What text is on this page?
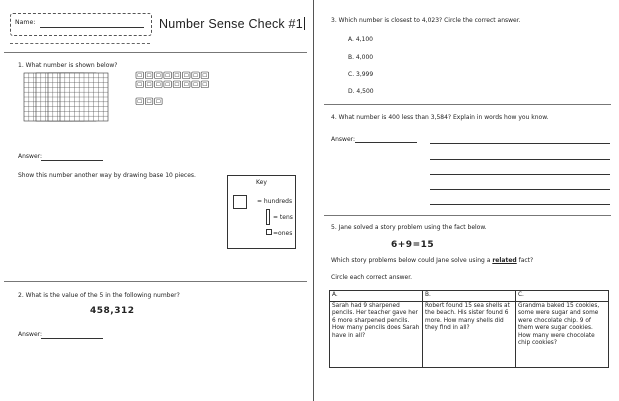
Name:	Number Sense Check #1
1. What number is shown below?
Answer:
Show this number another way by drawing base 10 pieces.
Key
= hundreds
= tens
=ones
2. What is the value of the 5 in the following number?
458,312
Answer:
3. Which number is closest to 4,023? Circle the correct answer.
A. 4,100
B. 4,000
C. 3,999
D. 4,500
4. What number is 400 less than 3,584? Explain in words how you know.
Answer:
5. Jane solved a story problem using the fact below.
6+9=15
Which story problems below could Jane solve using a related fact?
Circle each correct answer.
A.	B.	C.
Sarah had 9 sharpened pencils. Her teacher gave her 6 more sharpened pencils. How many pencils does Sarah have in all?	Robert found 15 sea shells at the beach. His sister found 6 more. How many shells did they find in all?	Grandma baked 15 cookies, some were sugar and some were chocolate chip. 9 of them were sugar cookies. How many were chocolate chip cookies?
